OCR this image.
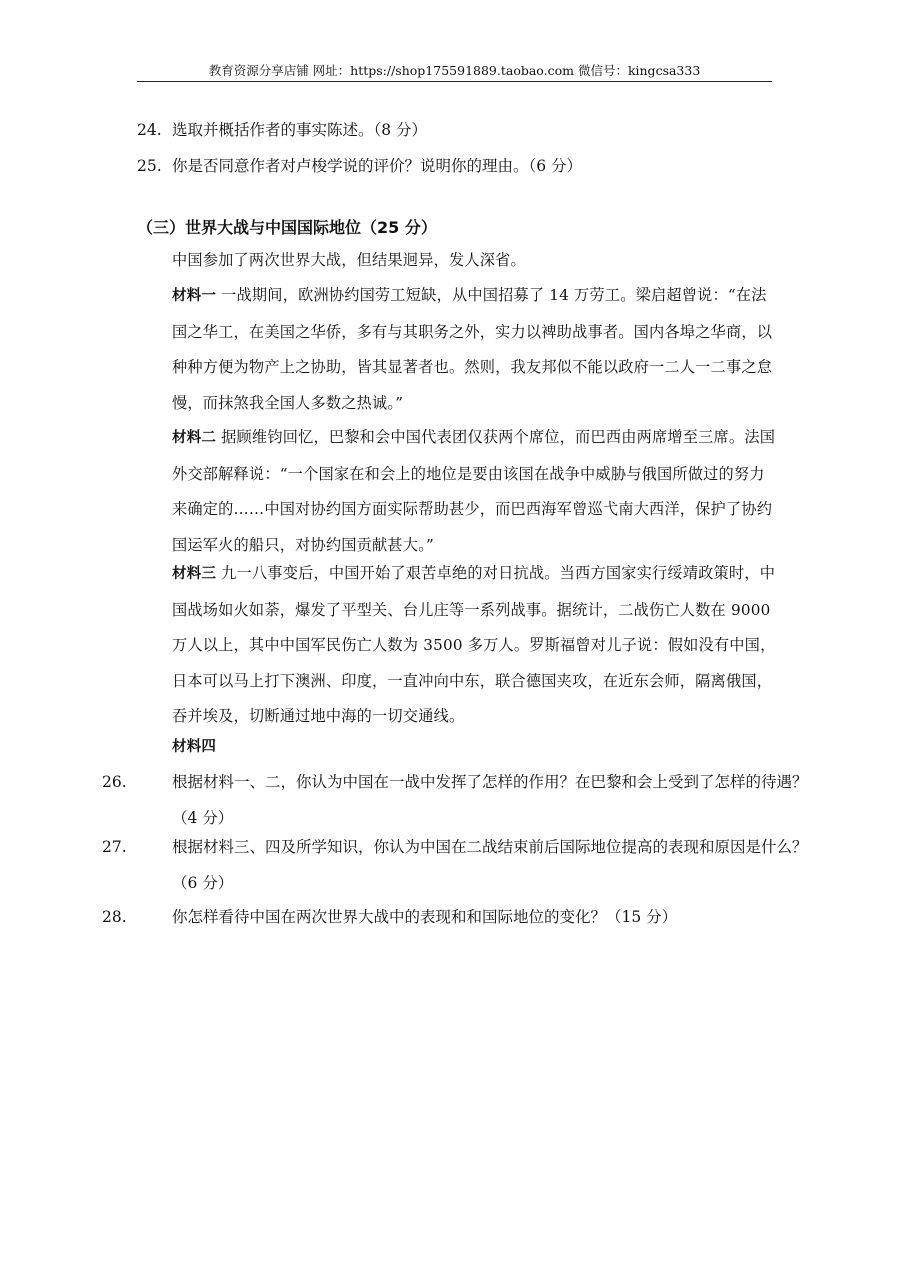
教育资源分享店铺 网址：https://shop175591889.taobao.com 微信号：kingcsa333
24. 选取并概括作者的事实陈述。（8 分）
25. 你是否同意作者对卢梭学说的评价？说明你的理由。（6 分）
（三）世界大战与中国国际地位（25 分）
中国参加了两次世界大战，但结果迥异，发人深省。
材料一 一战期间，欧洲协约国劳工短缺，从中国招募了 14 万劳工。梁启超曾说：“在法国之华工，在美国之华侨，多有与其职务之外，实力以裨助战事者。国内各埠之华商，以种种方便为物产上之协助，皆其显著者也。然则，我友邦似不能以政府一二人一二事之怠慢，而抹煞我全国人多数之热诚。”
材料二 据顾维钧回忆，巴黎和会中国代表团仅获两个席位，而巴西由两席增至三席。法国外交部解释说：“一个国家在和会上的地位是要由该国在战争中威胁与俄国所做过的努力来确定的……中国对协约国方面实际帮助甚少，而巴西海军曾巡弋南大西洋，保护了协约国运军火的船只，对协约国贡献甚大。”
材料三 九一八事变后，中国开始了艰苦卓绝的对日抗战。当西方国家实行绥靖政策时，中国战场如火如荼，爆发了平型关、台儿庄等一系列战事。据统计，二战伤亡人数在 9000 万人以上，其中中国军民伤亡人数为 3500 多万人。罗斯福曾对儿子说：假如没有中国，日本可以马上打下澳洲、印度，一直冲向中东，联合德国夹攻，在近东会师，隔离俄国，吞并埃及，切断通过地中海的一切交通线。
材料四
26.	根据材料一、二，你认为中国在一战中发挥了怎样的作用？在巴黎和会上受到了怎样的待遇？（4 分）
27.	根据材料三、四及所学知识，你认为中国在二战结束前后国际地位提高的表现和原因是什么？（6 分）
28.	你怎样看待中国在两次世界大战中的表现和和国际地位的变化？（15 分）
